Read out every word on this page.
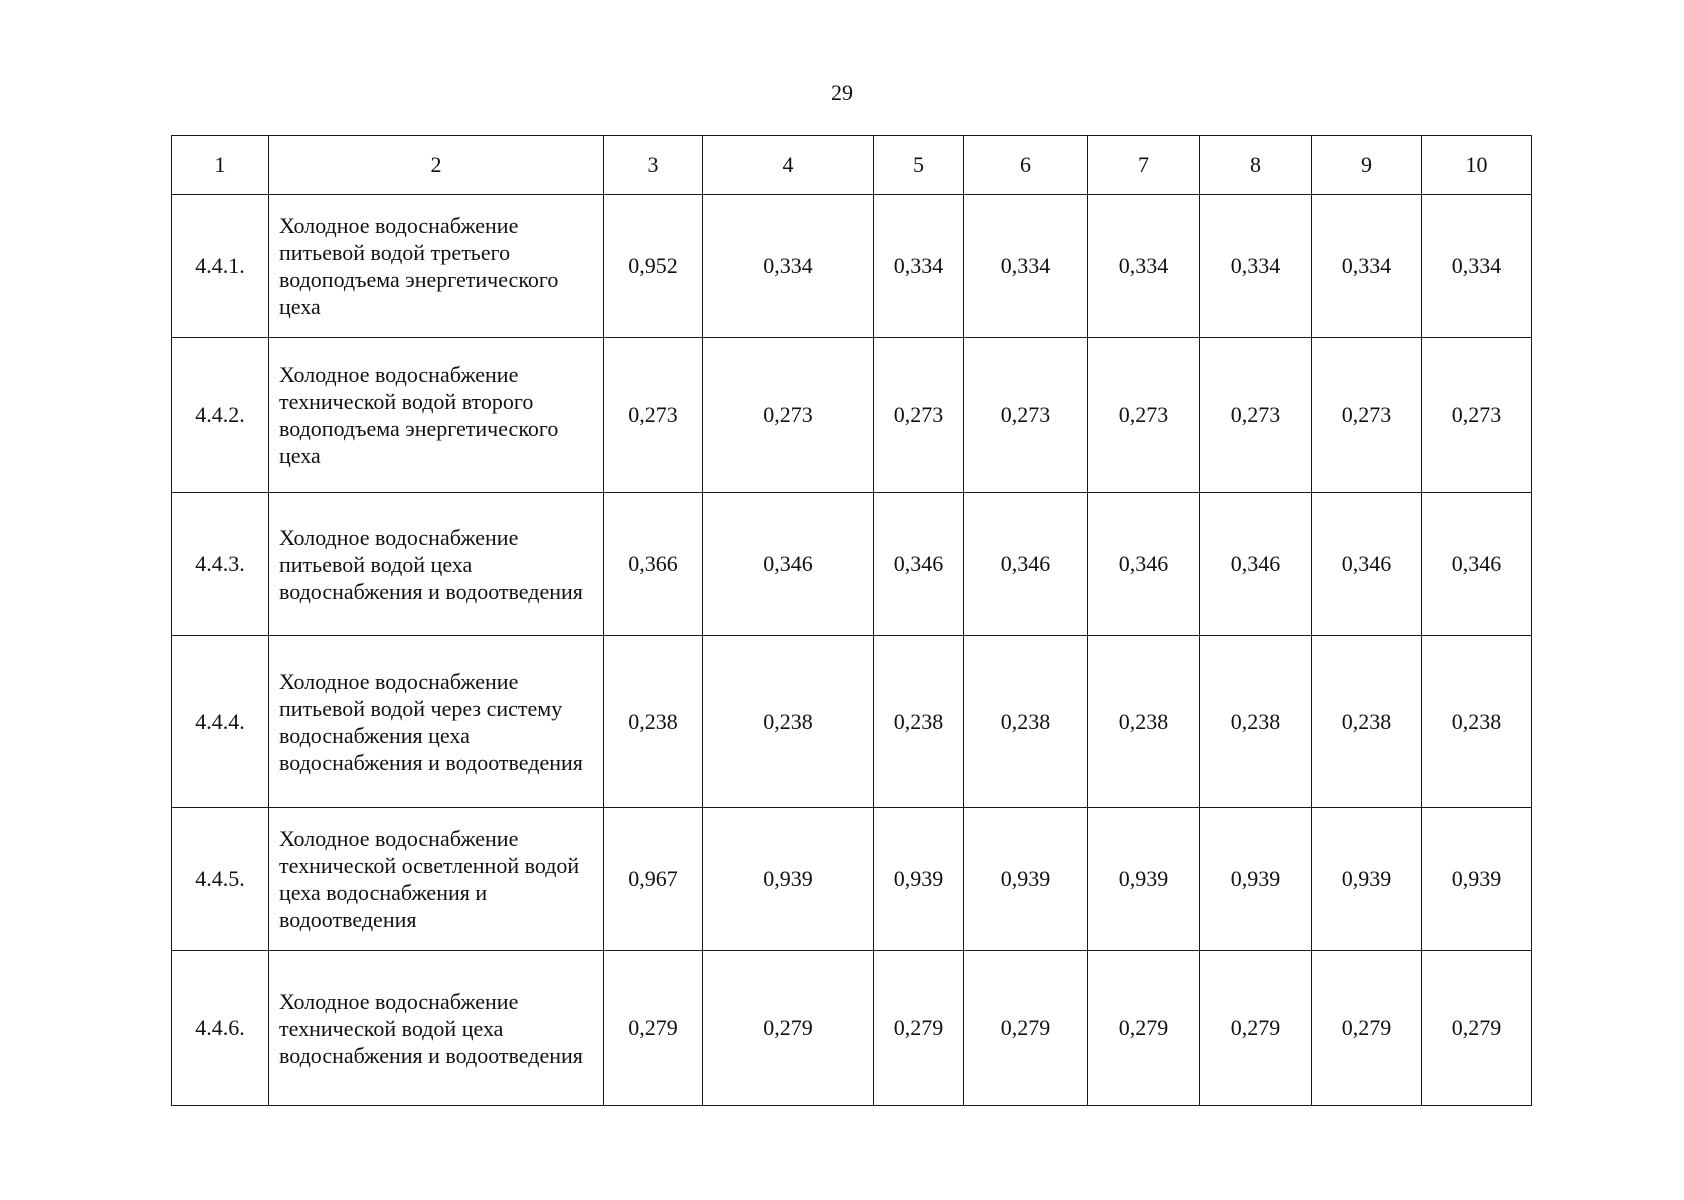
29
1	2	3	4	5	6	7	8	9	10
4.4.1.	Холодное водоснабжение питьевой водой третьего водоподъема энергетического цеха	0,952	0,334	0,334	0,334	0,334	0,334	0,334	0,334
4.4.2.	Холодное водоснабжение технической водой второго водоподъема энергетического цеха	0,273	0,273	0,273	0,273	0,273	0,273	0,273	0,273
4.4.3.	Холодное водоснабжение питьевой водой цеха водоснабжения и водоотведения	0,366	0,346	0,346	0,346	0,346	0,346	0,346	0,346
4.4.4.	Холодное водоснабжение питьевой водой через систему водоснабжения цеха водоснабжения и водоотведения	0,238	0,238	0,238	0,238	0,238	0,238	0,238	0,238
4.4.5.	Холодное водоснабжение технической осветленной водой цеха водоснабжения и водоотведения	0,967	0,939	0,939	0,939	0,939	0,939	0,939	0,939
4.4.6.	Холодное водоснабжение технической водой цеха водоснабжения и водоотведения	0,279	0,279	0,279	0,279	0,279	0,279	0,279	0,279
